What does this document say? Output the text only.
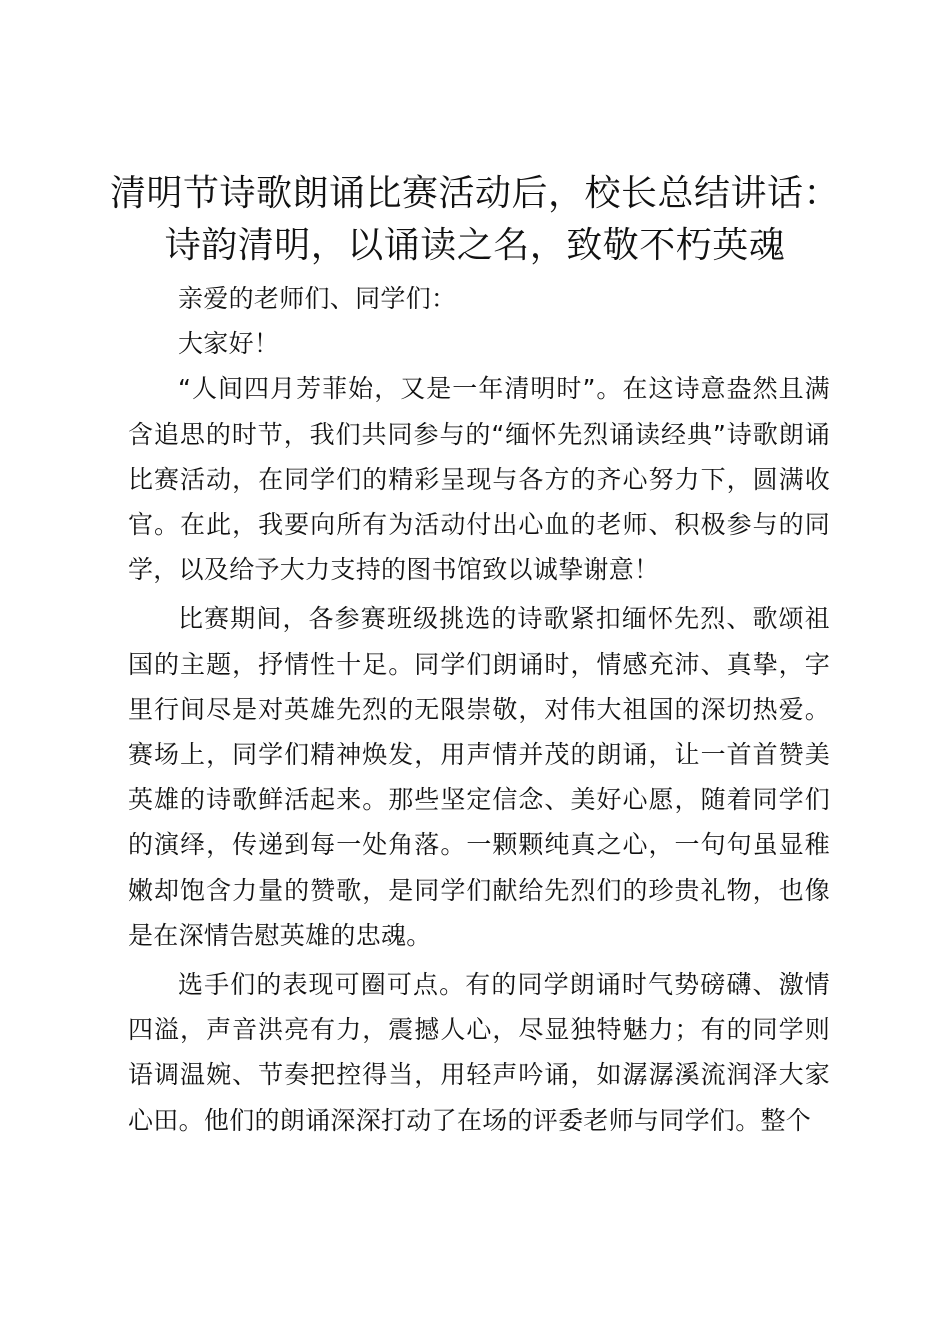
清明节诗歌朗诵比赛活动后，校长总结讲话：
诗韵清明，以诵读之名，致敬不朽英魂

亲爱的老师们、同学们：

大家好！

“人间四月芳菲始，又是一年清明时”。在这诗意盎然且满含追思的时节，我们共同参与的“缅怀先烈诵读经典”诗歌朗诵比赛活动，在同学们的精彩呈现与各方的齐心努力下，圆满收官。在此，我要向所有为活动付出心血的老师、积极参与的同学，以及给予大力支持的图书馆致以诚挚谢意！

比赛期间，各参赛班级挑选的诗歌紧扣缅怀先烈、歌颂祖国的主题，抒情性十足。同学们朗诵时，情感充沛、真挚，字里行间尽是对英雄先烈的无限崇敬，对伟大祖国的深切热爱。赛场上，同学们精神焕发，用声情并茂的朗诵，让一首首赞美英雄的诗歌鲜活起来。那些坚定信念、美好心愿，随着同学们的演绎，传递到每一处角落。一颗颗纯真之心，一句句虽显稚嫩却饱含力量的赞歌，是同学们献给先烈们的珍贵礼物，也像是在深情告慰英雄的忠魂。

选手们的表现可圈可点。有的同学朗诵时气势磅礴、激情四溢，声音洪亮有力，震撼人心，尽显独特魅力；有的同学则语调温婉、节奏把控得当，用轻声吟诵，如潺潺溪流润泽大家心田。他们的朗诵深深打动了在场的评委老师与同学们。整个
